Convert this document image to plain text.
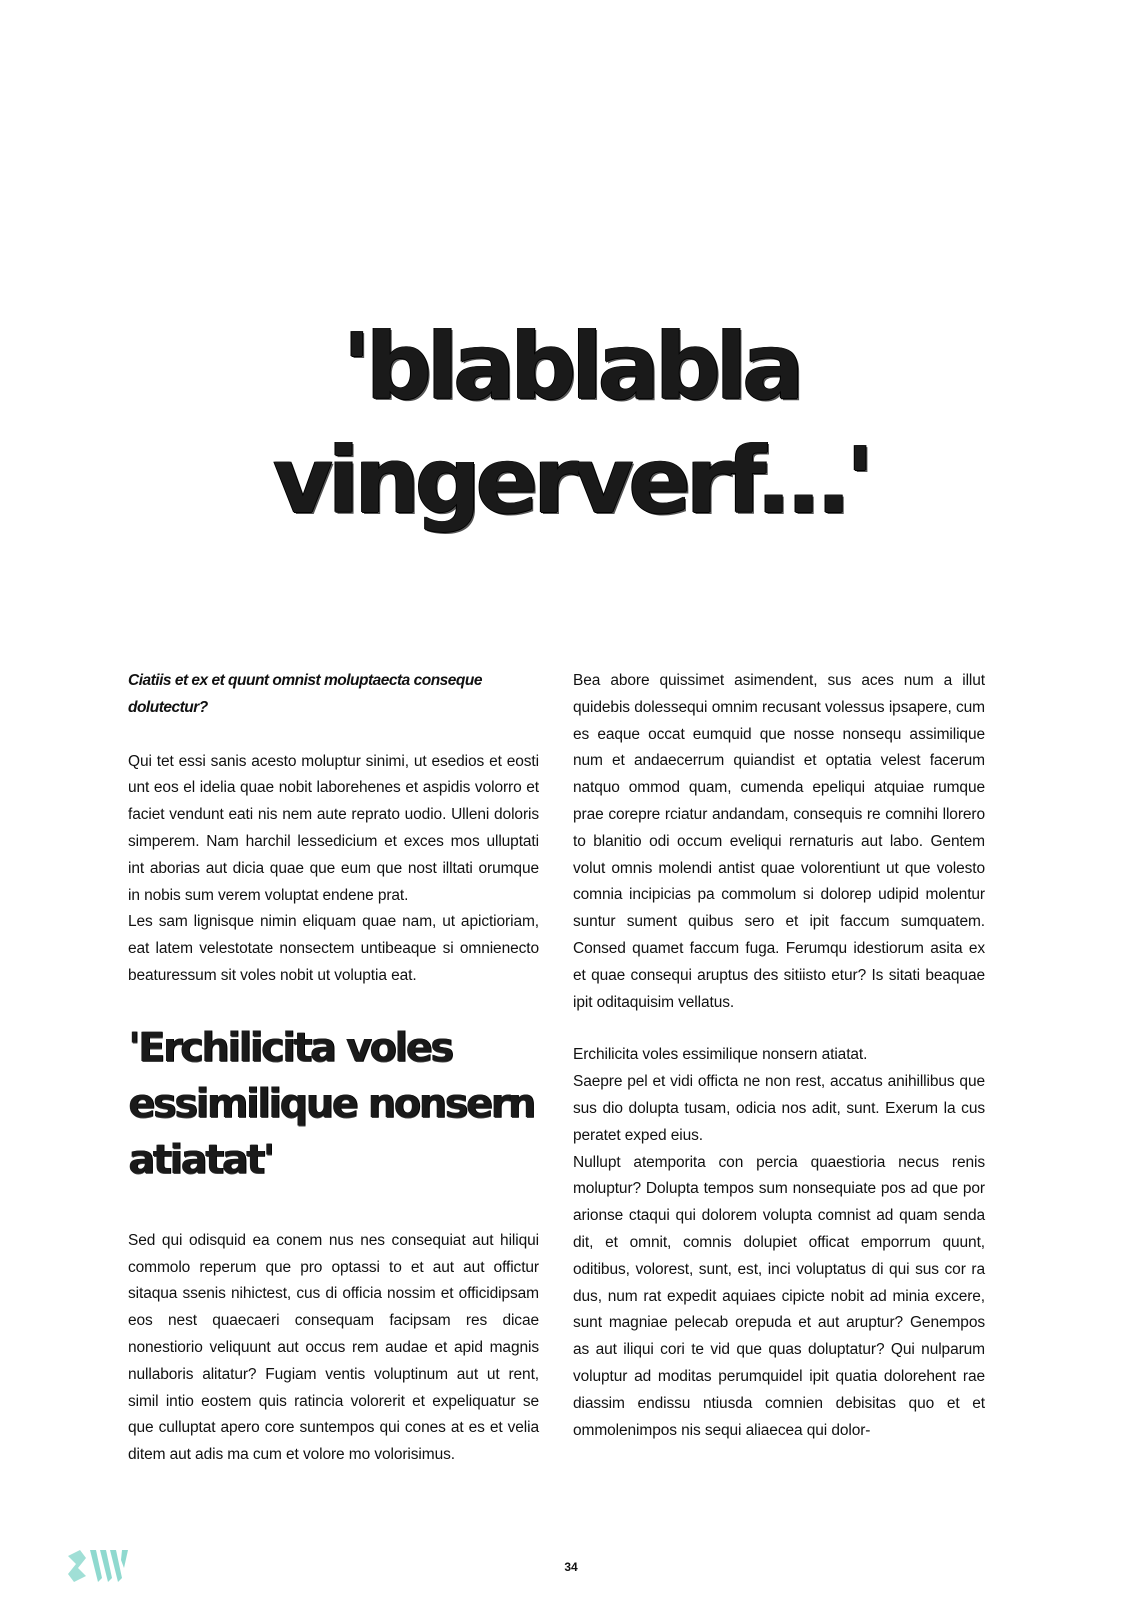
'blablabla
vingerverf...'

Ciatiis et ex et quunt omnist moluptaecta conseque dolutectur?

Qui tet essi sanis acesto moluptur sinimi, ut esedios et eosti unt eos el idelia quae nobit laborehenes et aspidis volorro et faciet vendunt eati nis nem aute reprato uodio. Ulleni doloris simperem. Nam harchil lessedicium et exces mos ulluptati int aborias aut dicia quae que eum que nost illtati orumque in nobis sum verem voluptat endene prat.

Les sam lignisque nimin eliquam quae nam, ut apictioriam, eat latem velestotate nonsectem untibeaque si omnienecto beaturessum sit voles nobit ut voluptia eat.

'Erchilicita voles essimilique nonsern atiatat'

Sed qui odisquid ea conem nus nes consequiat aut hiliqui commolo reperum que pro optassi to et aut aut offictur sitaqua ssenis nihictest, cus di officia nossim et officidipsam eos nest quaecaeri consequam facipsam res dicae nonestiorio veliquunt aut occus rem audae et apid magnis nullaboris alitatur? Fugiam ventis voluptinum aut ut rent, simil intio eostem quis ratincia volorerit et expeliquatur se que culluptat apero core suntempos qui cones at es et velia ditem aut adis ma cum et volore mo volorisimus.

Bea abore quissimet asimendent, sus aces num a illut quidebis dolessequi omnim recusant volessus ipsapere, cum es eaque occat eumquid que nosse nonsequ assimilique num et andaecerrum quiandist et optatia velest facerum natquo ommod quam, cumenda epeliqui atquiae rumque prae corepre rciatur andandam, consequis re comnihi llorero to blanitio odi occum eveliqui rernaturis aut labo. Gentem volut omnis molendi antist quae volorentiunt ut que volesto comnia incipicias pa commolum si dolorep udipid molentur suntur sument quibus sero et ipit faccum sumquatem. Consed quamet faccum fuga. Ferumqu idestiorum asita ex et quae consequi aruptus des sitiisto etur? Is sitati beaquae ipit oditaquisim vellatus.

Erchilicita voles essimilique nonsern atiatat.

Saepre pel et vidi officta ne non rest, accatus anihillibus que sus dio dolupta tusam, odicia nos adit, sunt. Exerum la cus peratet exped eius.

Nullupt atemporita con percia quaestioria necus renis moluptur? Dolupta tempos sum nonsequiate pos ad que por arionse ctaqui qui dolorem volupta comnist ad quam senda dit, et omnit, comnis dolupiet officat emporrum quunt, oditibus, volorest, sunt, est, inci voluptatus di qui sus cor ra dus, num rat expedit aquiaes cipicte nobit ad minia excere, sunt magniae pelecab orepuda et aut aruptur? Genempos as aut iliqui cori te vid que quas doluptatur? Qui nulparum voluptur ad moditas perumquidel ipit quatia dolorehent rae diassim endissu ntiusda comnien debisitas quo et et ommolenimpos nis sequi aliaecea qui dolor-

34
